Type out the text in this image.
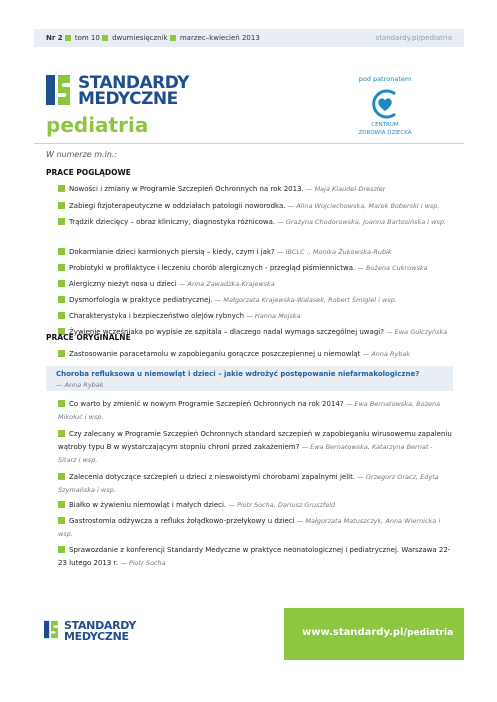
Nr 2 tom 10 dwumiesięcznik marzec–kwiecień 2013	standardy.pl/pediatria
STANDARDY
MEDYCZNE
pediatria
pod patronatem
CENTRUM
ZDROWIA DZIECKA
W numerze m.in.:
PRACE POGLĄDOWE
Nowości i zmiany w Programie Szczepień Ochronnych na rok 2013. — Maja Klaudel-Dreszler
Zabiegi fizjoterapeutyczne w oddziałach patologii noworodka. — Alina Wojciechowska, Marek Boberski i wsp.
Trądzik dziecięcy – obraz kliniczny, diagnostyka różnicowa. — Grażyna Chodorowska, Joanna Bartosińska i wsp.
Dokarmianie dzieci karmionych piersią – kiedy, czym i jak? — IBCLC ., Monika Żukowska-Rubik
Probiotyki w profilaktyce i leczeniu chorób alergicznych - przegląd piśmiennictwa. — Bożena Cukrowska
Alergiczny nieżyt nosa u dzieci — Anna Zawadzka-Krajewska
Dysmorfologia w praktyce pediatrycznej. — Małgorzata Krajewska-Walasek, Robert Śmigiel i wsp.
Charakterystyka i bezpieczeństwo olejów rybnych — Hanna Mojska
Żywienie wcześniaka po wypisie ze szpitala – dlaczego nadal wymaga szczególnej uwagi? — Ewa Gulczyńska
PRACE ORYGINALNE
Zastosowanie paracetamolu w zapobieganiu gorączce poszczepiennej u niemowląt — Anna Rybak
Choroba refluksowa u niemowląt i dzieci – jakie wdrożyć postępowanie niefarmakologiczne?
— Anna Rybak
Co warto by zmienić w nowym Programie Szczepień Ochronnych na rok 2014? — Ewa Bernatowska, Bożena Mikołuć i wsp.
Czy zalecany w Programie Szczepień Ochronnych standard szczepień w zapobieganiu wirusowemu zapaleniu wątroby typu B w wystarczającym stopniu chroni przed zakażeniem? — Ewa Bernatowska, Katarzyna Bernat - Sitarz i wsp.
Zalecenia dotyczące szczepień u dzieci z nieswoistymi chorobami zapalnymi jelit. — Grzegorz Oracz, Edyta Szymańska i wsp.
Białko w żywieniu niemowląt i małych dzieci. — Piotr Socha, Dariusz Gruszfeld
Gastrostomia odżywcza a refluks żołądkowo-przełykowy u dzieci — Małgorzata Matuszczyk, Anna Wiernicka i wsp.
Sprawozdanie z konferencji Standardy Medyczne w praktyce neonatologicznej i pediatrycznej. Warszawa 22-23 lutego 2013 r. — Piotr Socha
STANDARDY
MEDYCZNE	www.standardy.pl/pediatria
